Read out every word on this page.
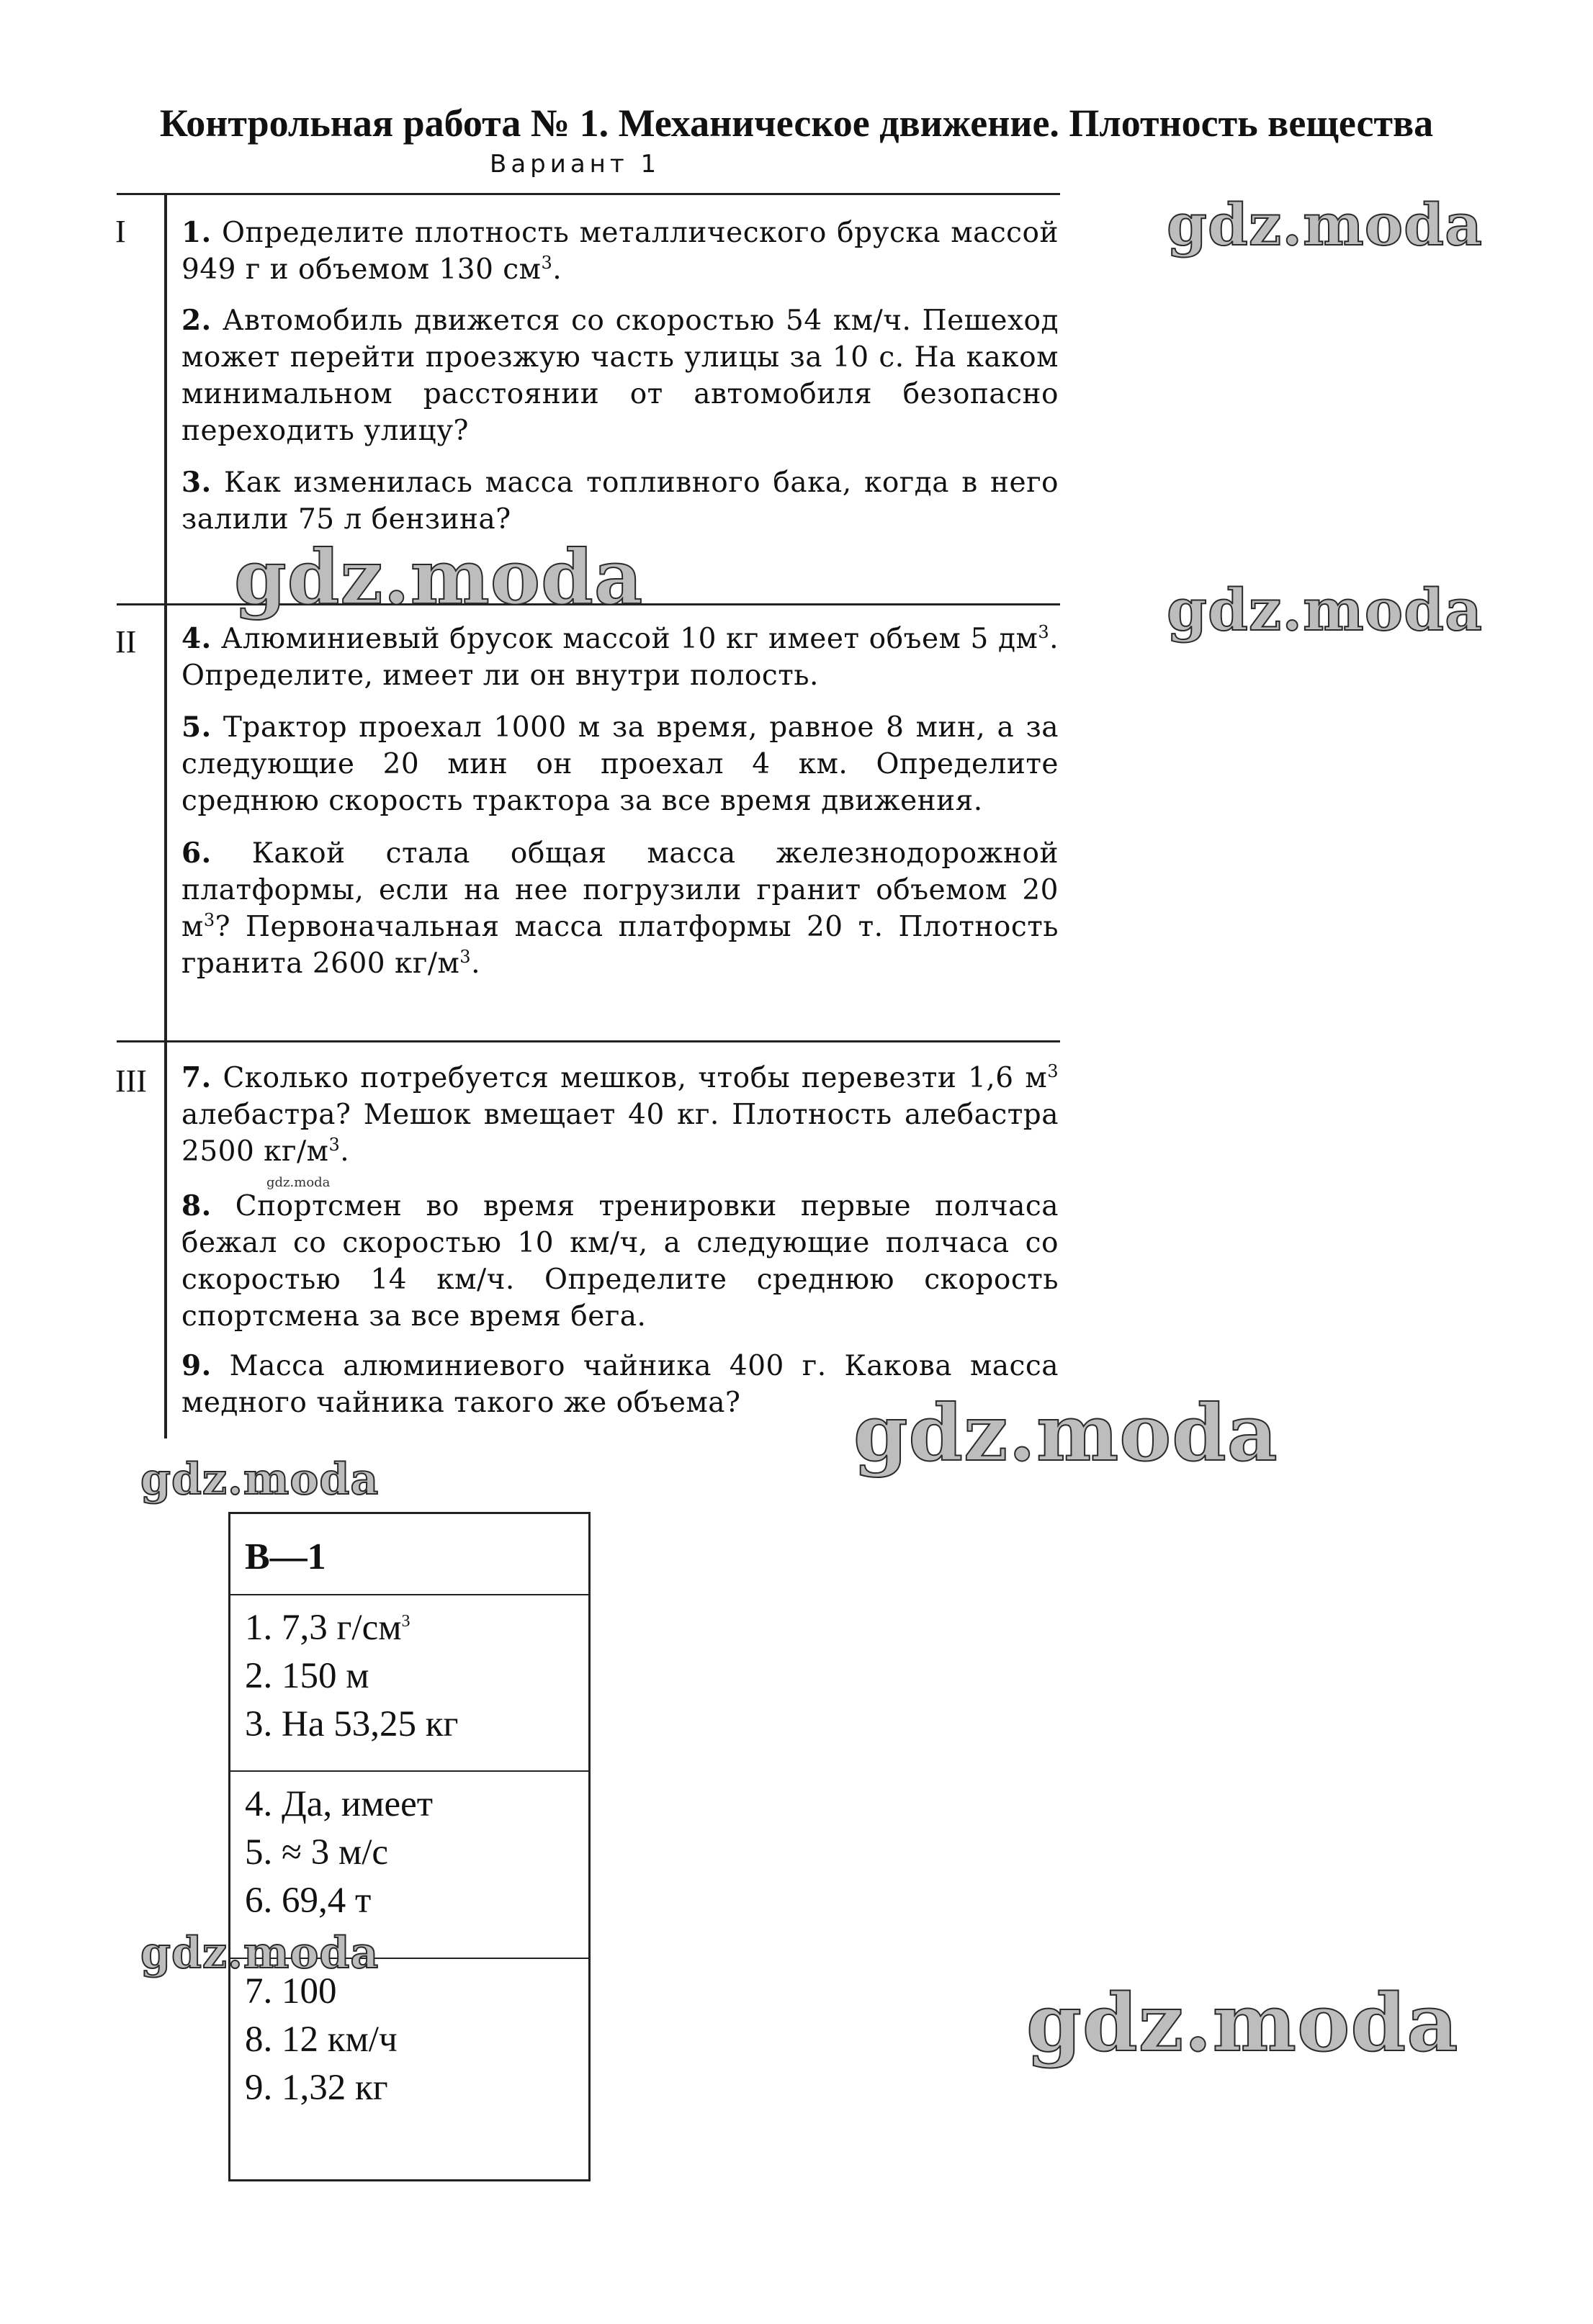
Контрольная работа № 1. Механическое движение. Плотность вещества
Вариант 1
I
II
III
1. Определите плотность металлического бруска массой 949 г и объемом 130 $см^3$.
2. Автомобиль движется со скоростью 54 км/ч. Пешеход может перейти проезжую часть улицы за 10 с. На каком минимальном расстоянии от автомобиля безопасно переходить улицу?
3. Как изменилась масса топливного бака, когда в него залили 75 л бензина?
4. Алюминиевый брусок массой 10 кг имеет объем 5 $дм^3$. Определите, имеет ли он внутри полость.
5. Трактор проехал 1000 м за время, равное 8 мин, а за следующие 20 мин он проехал 4 км. Определите среднюю скорость трактора за все время движения.
6. Какой стала общая масса железнодорожной платформы, если на нее погрузили гранит объемом 20 $м^3$? Первоначальная масса платформы 20 т. Плотность гранита 2600 $кг/м^3$.
7. Сколько потребуется мешков, чтобы перевезти 1,6 $м^3$ алебастра? Мешок вмещает 40 кг. Плотность алебастра 2500 $кг/м^3$.
8. Спортсмен во время тренировки первые полчаса бежал со скоростью 10 км/ч, а следующие полчаса со скоростью 14 км/ч. Определите среднюю скорость спортсмена за все время бега.
9. Масса алюминиевого чайника 400 г. Какова масса медного чайника такого же объема?
В—1
1. 7,3 $г/см^3$
2. 150 м
3. На 53,25 кг
4. Да, имеет
5. ≈ 3 м/с
6. 69,4 т
7. 100
8. 12 км/ч
9. 1,32 кг
gdz.moda
gdz.moda	gdz.moda
gdz.moda
gdz.moda
gdz.moda
gdz.moda
gdz.moda
